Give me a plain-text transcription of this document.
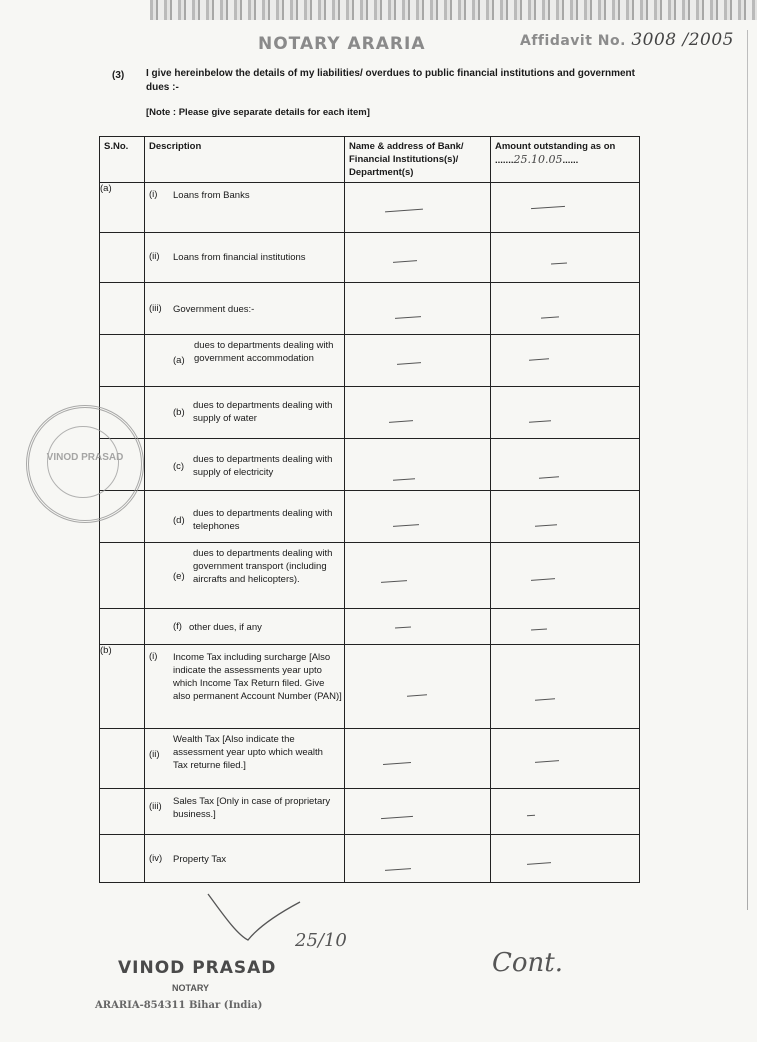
NOTARY ARARIA	Affidavit No. 3008 /2005
(3) I give hereinbelow the details of my liabilities/ overdues to public financial institutions and government dues :-
[Note : Please give separate details for each item]
S.No.	Description	Name & address of Bank/ Financial Institutions(s)/ Department(s)	Amount outstanding as on .......25.10.05......
(a)	(i) Loans from Banks		

	(ii) Loans from financial institutions		

	(iii) Government dues:-		

	(a)
dues to departments dealing with government accommodation		

	(b)
dues to departments dealing with supply of water		

	(c)
dues to departments dealing with supply of electricity		

	(d)
dues to departments dealing with telephones		

	(e)
dues to departments dealing with government transport (including aircrafts and helicopters).		

	(f) other dues, if any		

(b)	(i) Income Tax including surcharge [Also indicate the assessments year upto which Income Tax Return filed. Give also permanent Account Number (PAN)]		

	(ii)
Wealth Tax [Also indicate the assessment year upto which wealth Tax returne filed.]		

	(iii) Sales Tax [Only in case of proprietary business.]		

	(iv) Property Tax		

VINOD PRASAD
25/10
VINOD PRASAD
NOTARY
ARARIA-854311 Bihar (India)
Cont.
